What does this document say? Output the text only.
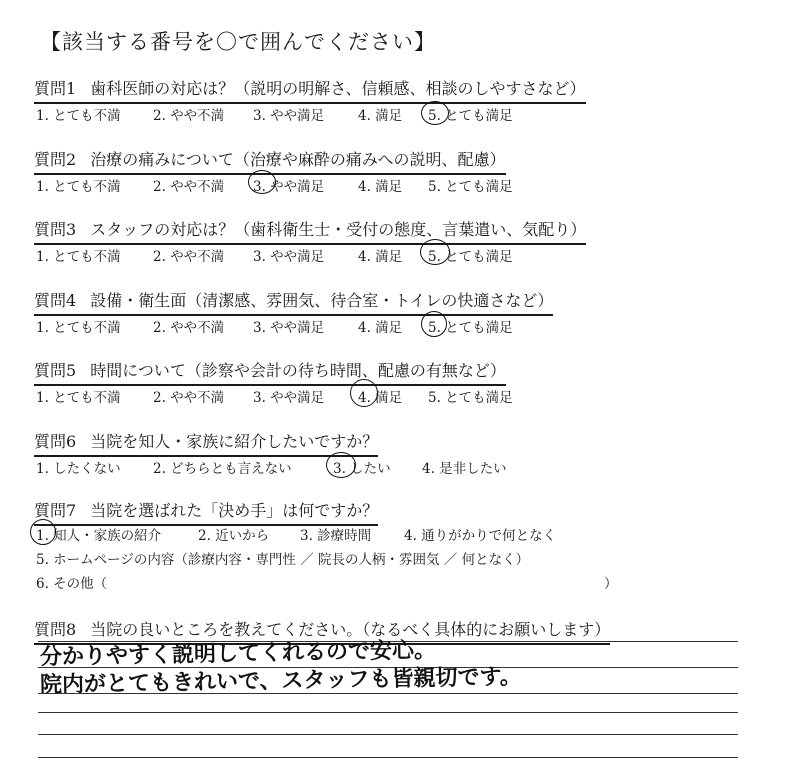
【該当する番号を〇で囲んでください】
質問1 歯科医師の対応は？（説明の明解さ、信頼感、相談のしやすさなど）
1. とても不満 2. やや不満 3. やや満足	4. 満足 5. とても満足
質問2 治療の痛みについて（治療や麻酔の痛みへの説明、配慮）
1. とても不満 2. やや不満 3. やや満足	4. 満足 5. とても満足
質問3 スタッフの対応は？（歯科衛生士・受付の態度、言葉遣い、気配り）
1. とても不満 2. やや不満 3. やや満足	4. 満足 5. とても満足
質問4 設備・衛生面（清潔感、雰囲気、待合室・トイレの快適さなど）
1. とても不満 2. やや不満 3. やや満足	4. 満足 5. とても満足
質問5 時間について（診察や会計の待ち時間、配慮の有無など）
1. とても不満 2. やや不満 3. やや満足	4. 満足 5. とても満足
質問6 当院を知人・家族に紹介したいですか？
1. したくない 2. どちらとも言えない	3. したい 4. 是非したい
質問7 当院を選ばれた「決め手」は何ですか？
1. 知人・家族の紹介	2. 近いから 3. 診療時間 4. 通りがかりで何となく
5. ホームページの内容（診療内容・専門性 ／ 院長の人柄・雰囲気 ／ 何となく）
6. その他（	）
質問8 当院の良いところを教えてください。（なるべく具体的にお願いします）
分かりやすく説明してくれるので安心。
院内がとてもきれいで、スタッフも皆親切です。
